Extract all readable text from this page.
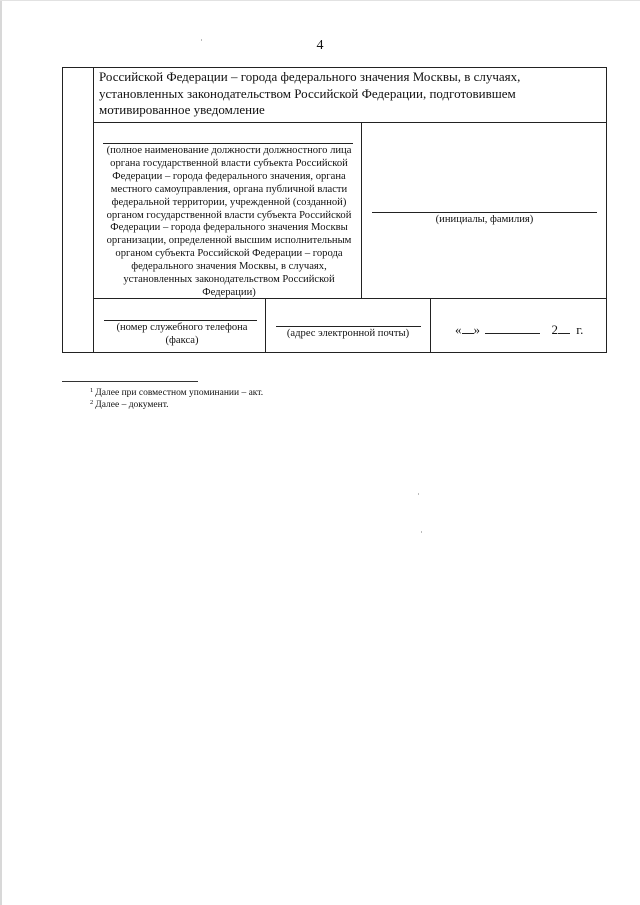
4
Российской Федерации – города федерального значения Москвы, в случаях, установленных законодательством Российской Федерации, подготовившем мотивированное уведомление
(полное наименование должности должностного лица органа государственной власти субъекта Российской Федерации – города федерального значения, органа местного самоуправления, органа публичной власти федеральной территории, учрежденной (созданной) органом государственной власти субъекта Российской Федерации – города федерального значения Москвы организации, определенной высшим исполнительным органом субъекта Российской Федерации – города федерального значения Москвы, в случаях, установленных законодательством Российской Федерации)
(инициалы, фамилия)
(номер служебного телефона (факса)
(адрес электронной почты)	« »	2 г.
$^1$ Далее при совместном упоминании – акт.
$^2$ Далее – документ.
